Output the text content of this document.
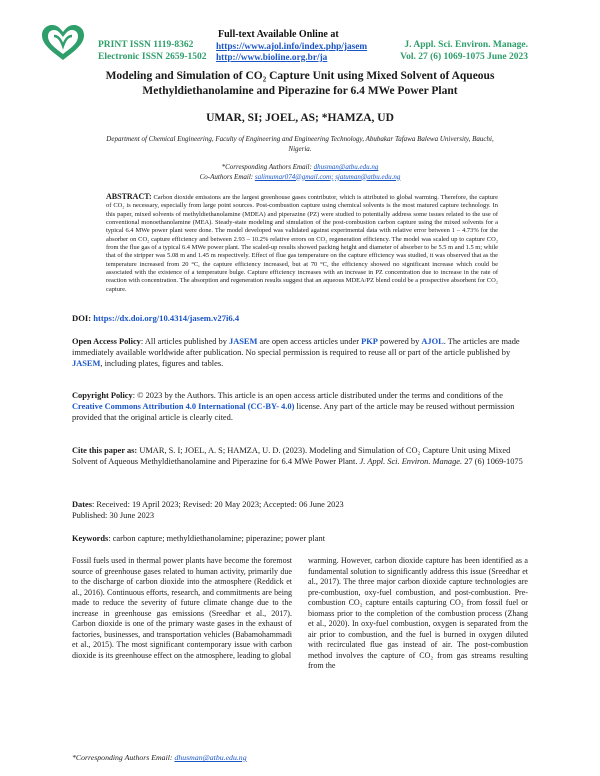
PRINT ISSN 1119-8362
Electronic ISSN 2659-1502
Full-text Available Online at
https://www.ajol.info/index.php/jasem
http://www.bioline.org.br/ja
J. Appl. Sci. Environ. Manage.
Vol. 27 (6) 1069-1075 June 2023
Modeling and Simulation of CO₂ Capture Unit using Mixed Solvent of Aqueous
Methyldiethanolamine and Piperazine for 6.4 MWe Power Plant
UMAR, SI; JOEL, AS; *HAMZA, UD
Department of Chemical Engineering, Faculty of Engineering and Engineering Technology, Abubakar Tafawa Balewa University, Bauchi,
Nigeria.
*Corresponding Authors Email: dhusman@atbu.edu.ng
Co-Authors Email: salimumar074@gmail.com; sjatuman@atbu.edu.ng
ABSTRACT: Carbon dioxide emissions are the largest greenhouse gases contributor, which is attributed to global warming. Therefore, the capture of CO₂ is necessary, especially from large point sources. Post-combustion capture using chemical solvents is the most matured capture technology. In this paper, mixed solvents of methyldiethanolamine (MDEA) and piperazine (PZ) were studied to potentially address some issues related to the use of conventional monoethanolamine (MEA). Steady-state modeling and simulation of the post-combustion carbon capture using the mixed solvents for a typical 6.4 MWe power plant were done. The model developed was validated against experimental data with relative error between 1 – 4.73% for the absorber on CO₂ capture efficiency and between 2.93 – 10.2% relative errors on CO₂ regeneration efficiency. The model was scaled up to capture CO₂ from the flue gas of a typical 6.4 MWe power plant. The scaled-up results showed packing height and diameter of absorber to be 5.5 m and 1.5 m; while that of the stripper was 5.08 m and 1.45 m respectively. Effect of flue gas temperature on the capture efficiency was studied, it was observed that as the temperature increased from 20 °C, the capture efficiency increased, but at 70 °C, the efficiency showed no significant increase which could be associated with the existence of a temperature bulge. Capture efficiency increases with an increase in PZ concentration due to increase in the rate of reaction with concentration. The absorption and regeneration results suggest that an aqueous MDEA/PZ blend could be a prospective absorbent for CO₂ capture.
DOI: https://dx.doi.org/10.4314/jasem.v27i6.4
Open Access Policy: All articles published by JASEM are open access articles under PKP powered by AJOL. The articles are made immediately available worldwide after publication. No special permission is required to reuse all or part of the article published by JASEM, including plates, figures and tables.
Copyright Policy: © 2023 by the Authors. This article is an open access article distributed under the terms and conditions of the Creative Commons Attribution 4.0 International (CC-BY- 4.0) license. Any part of the article may be reused without permission provided that the original article is clearly cited.
Cite this paper as: UMAR, S. I; JOEL, A. S; HAMZA, U. D. (2023). Modeling and Simulation of CO₂ Capture Unit using Mixed Solvent of Aqueous Methyldiethanolamine and Piperazine for 6.4 MWe Power Plant. J. Appl. Sci. Environ. Manage. 27 (6) 1069-1075
Dates: Received: 19 April 2023; Revised: 20 May 2023; Accepted: 06 June 2023
Published: 30 June 2023
Keywords: carbon capture; methyldiethanolamine; piperazine; power plant
Fossil fuels used in thermal power plants have become the foremost source of greenhouse gases related to human activity, primarily due to the discharge of carbon dioxide into the atmosphere (Reddick et al., 2016). Continuous efforts, research, and commitments are being made to reduce the severity of future climate change due to the increase in greenhouse gas emissions (Sreedhar et al., 2017). Carbon dioxide is one of the primary waste gases in the exhaust of factories, businesses, and transportation vehicles (Babamohammadi et al., 2015). The most significant contemporary issue with carbon dioxide is its greenhouse effect on the atmosphere, leading to global
warming. However, carbon dioxide capture has been identified as a fundamental solution to significantly address this issue (Sreedhar et al., 2017). The three major carbon dioxide capture technologies are pre-combustion, oxy-fuel combustion, and post-combustion. Pre-combustion CO₂ capture entails capturing CO₂ from fossil fuel or biomass prior to the completion of the combustion process (Zhang et al., 2020). In oxy-fuel combustion, oxygen is separated from the air prior to combustion, and the fuel is burned in oxygen diluted with recirculated flue gas instead of air. The post-combustion method involves the capture of CO₂ from gas streams resulting from the
*Corresponding Authors Email: dhusman@atbu.edu.ng
